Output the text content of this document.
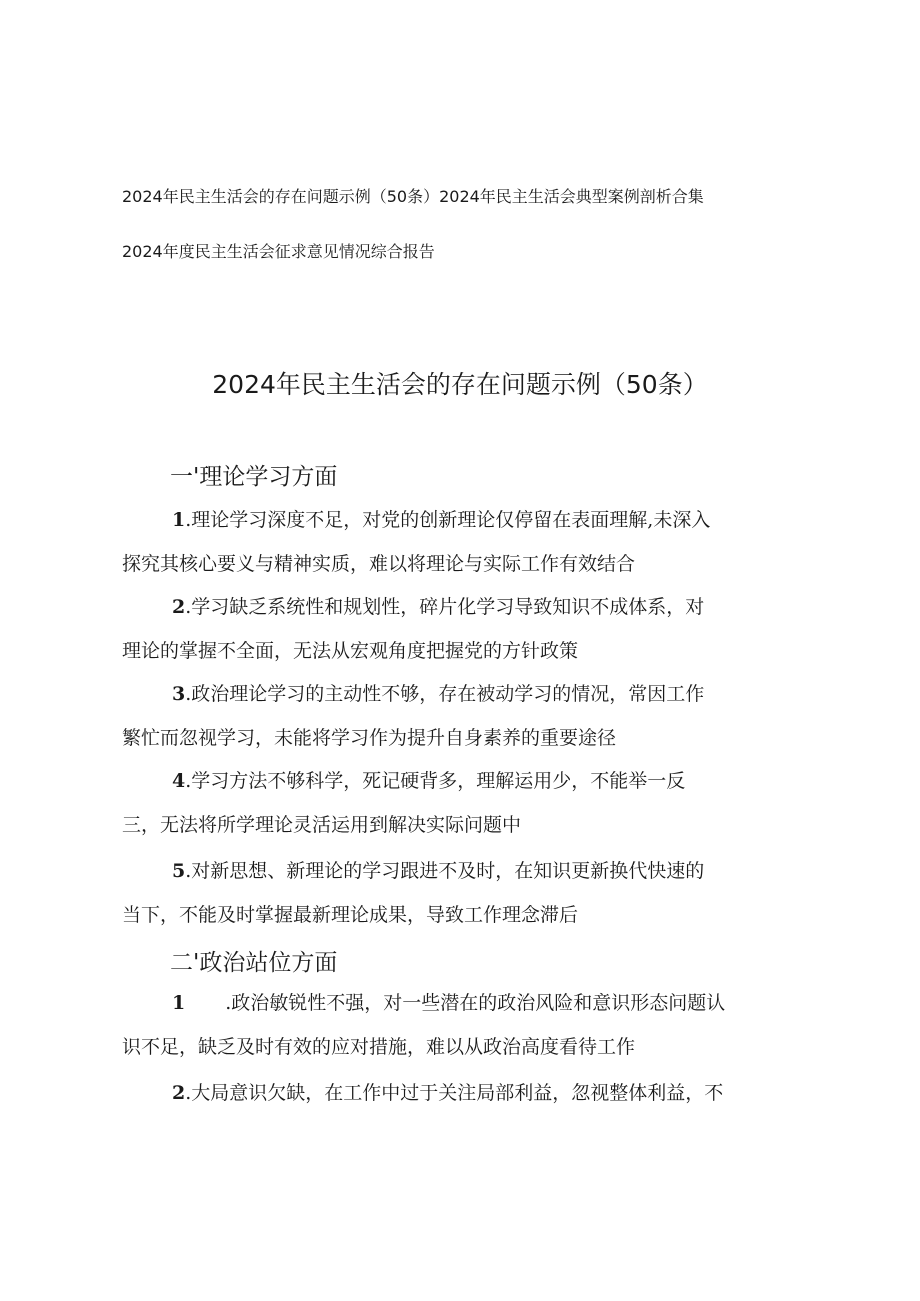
2024年民主生活会的存在问题示例（50条）2024年民主生活会典型案例剖析合集
2024年度民主生活会征求意见情况综合报告
2024年民主生活会的存在问题示例（50条）
一'理论学习方面
1.理论学习深度不足，对党的创新理论仅停留在表面理解,未深入
探究其核心要义与精神实质，难以将理论与实际工作有效结合
2.学习缺乏系统性和规划性，碎片化学习导致知识不成体系，对
理论的掌握不全面，无法从宏观角度把握党的方针政策
3.政治理论学习的主动性不够，存在被动学习的情况，常因工作
繁忙而忽视学习，未能将学习作为提升自身素养的重要途径
4.学习方法不够科学，死记硬背多，理解运用少，不能举一反
三，无法将所学理论灵活运用到解决实际问题中
5.对新思想、新理论的学习跟进不及时，在知识更新换代快速的
当下，不能及时掌握最新理论成果，导致工作理念滞后
二'政治站位方面
1 .政治敏锐性不强，对一些潜在的政治风险和意识形态问题认
识不足，缺乏及时有效的应对措施，难以从政治高度看待工作
2.大局意识欠缺，在工作中过于关注局部利益，忽视整体利益，不
